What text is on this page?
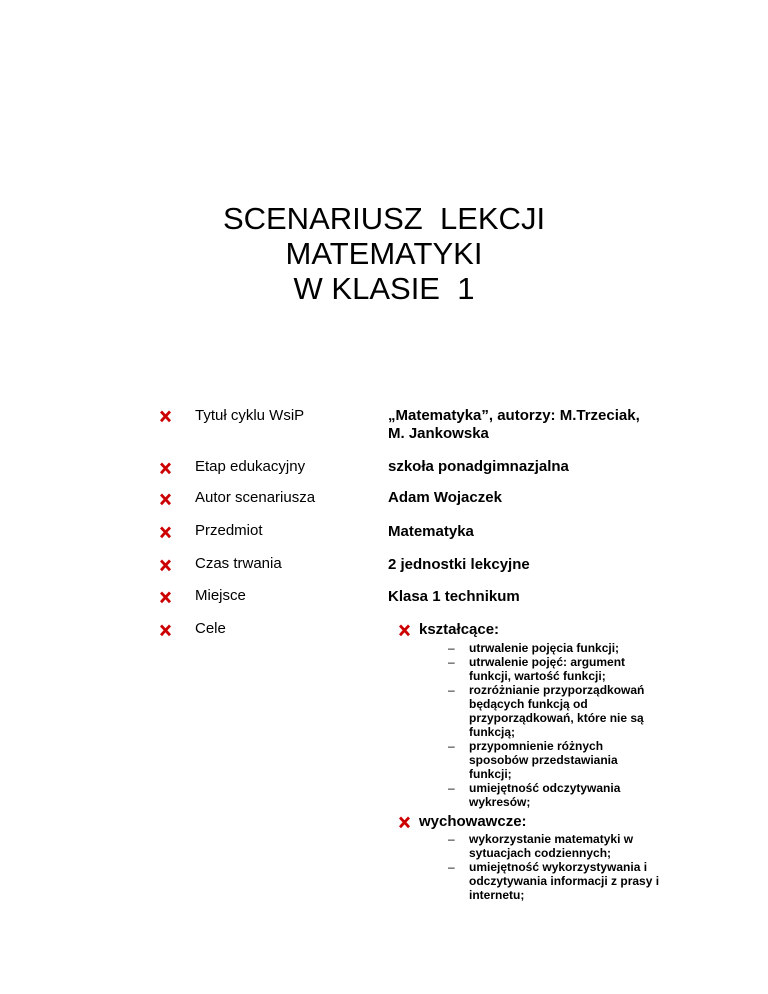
SCENARIUSZ  LEKCJI
MATEMATYKI
W KLASIE  1
Tytuł cyklu WsiP	„Matematyka”, autorzy: M.Trzeciak,
M. Jankowska
Etap edukacyjny	szkoła ponadgimnazjalna
Autor scenariusza	Adam Wojaczek
Przedmiot	Matematyka
Czas trwania	2 jednostki lekcyjne
Miejsce	Klasa 1 technikum
Cele	kształcące:
– utrwalenie pojęcia funkcji;
– utrwalenie pojęć: argument
funkcji, wartość funkcji;
– rozróżnianie przyporządkowań
będących funkcją od
przyporządkowań, które nie są
funkcją;
– przypomnienie różnych
sposobów przedstawiania
funkcji;
– umiejętność odczytywania
wykresów;
wychowawcze:
– wykorzystanie matematyki w
sytuacjach codziennych;
– umiejętność wykorzystywania i
odczytywania informacji z prasy i
internetu;
